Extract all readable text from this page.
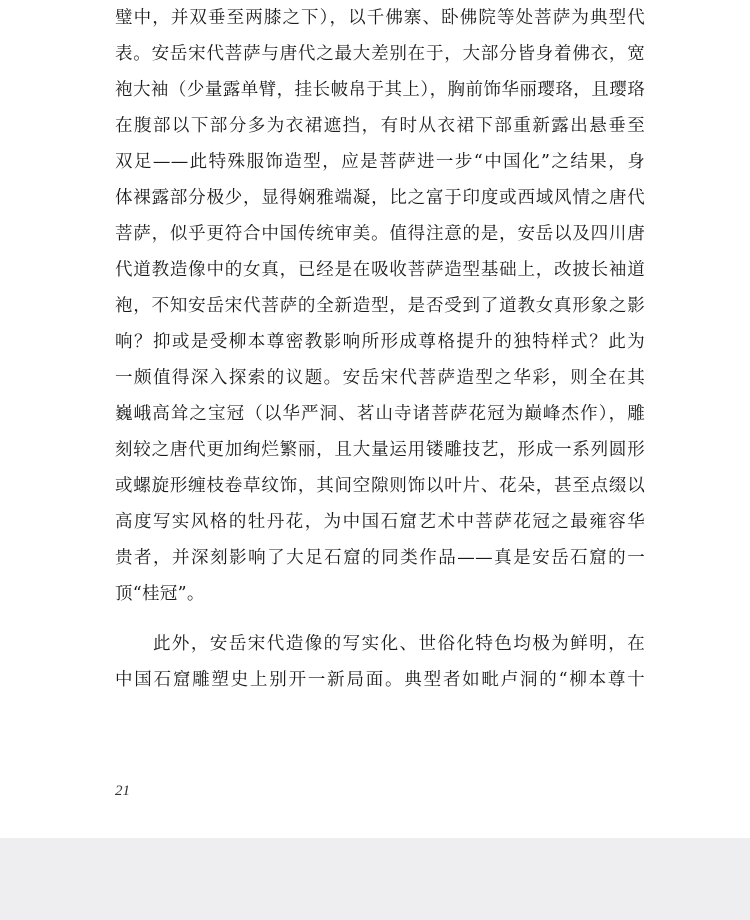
璧中，并双垂至两膝之下），以千佛寨、卧佛院等处菩萨为典型代
表。安岳宋代菩萨与唐代之最大差别在于，大部分皆身着佛衣，宽
袍大袖（少量露单臂，挂长帔帛于其上），胸前饰华丽璎珞，且璎珞
在腹部以下部分多为衣裙遮挡，有时从衣裙下部重新露出悬垂至
双足——此特殊服饰造型，应是菩萨进一步“中国化”之结果，身
体裸露部分极少，显得娴雅端凝，比之富于印度或西域风情之唐代
菩萨，似乎更符合中国传统审美。值得注意的是，安岳以及四川唐
代道教造像中的女真，已经是在吸收菩萨造型基础上，改披长袖道
袍，不知安岳宋代菩萨的全新造型，是否受到了道教女真形象之影
响？抑或是受柳本尊密教影响所形成尊格提升的独特样式？此为
一颇值得深入探索的议题。安岳宋代菩萨造型之华彩，则全在其
巍峨高耸之宝冠（以华严洞、茗山寺诸菩萨花冠为巅峰杰作），雕
刻较之唐代更加绚烂繁丽，且大量运用镂雕技艺，形成一系列圆形
或螺旋形缠枝卷草纹饰，其间空隙则饰以叶片、花朵，甚至点缀以
高度写实风格的牡丹花，为中国石窟艺术中菩萨花冠之最雍容华
贵者，并深刻影响了大足石窟的同类作品——真是安岳石窟的一
顶“桂冠”。
　　此外，安岳宋代造像的写实化、世俗化特色均极为鲜明，在
中国石窟雕塑史上别开一新局面。典型者如毗卢洞的“柳本尊十
21
